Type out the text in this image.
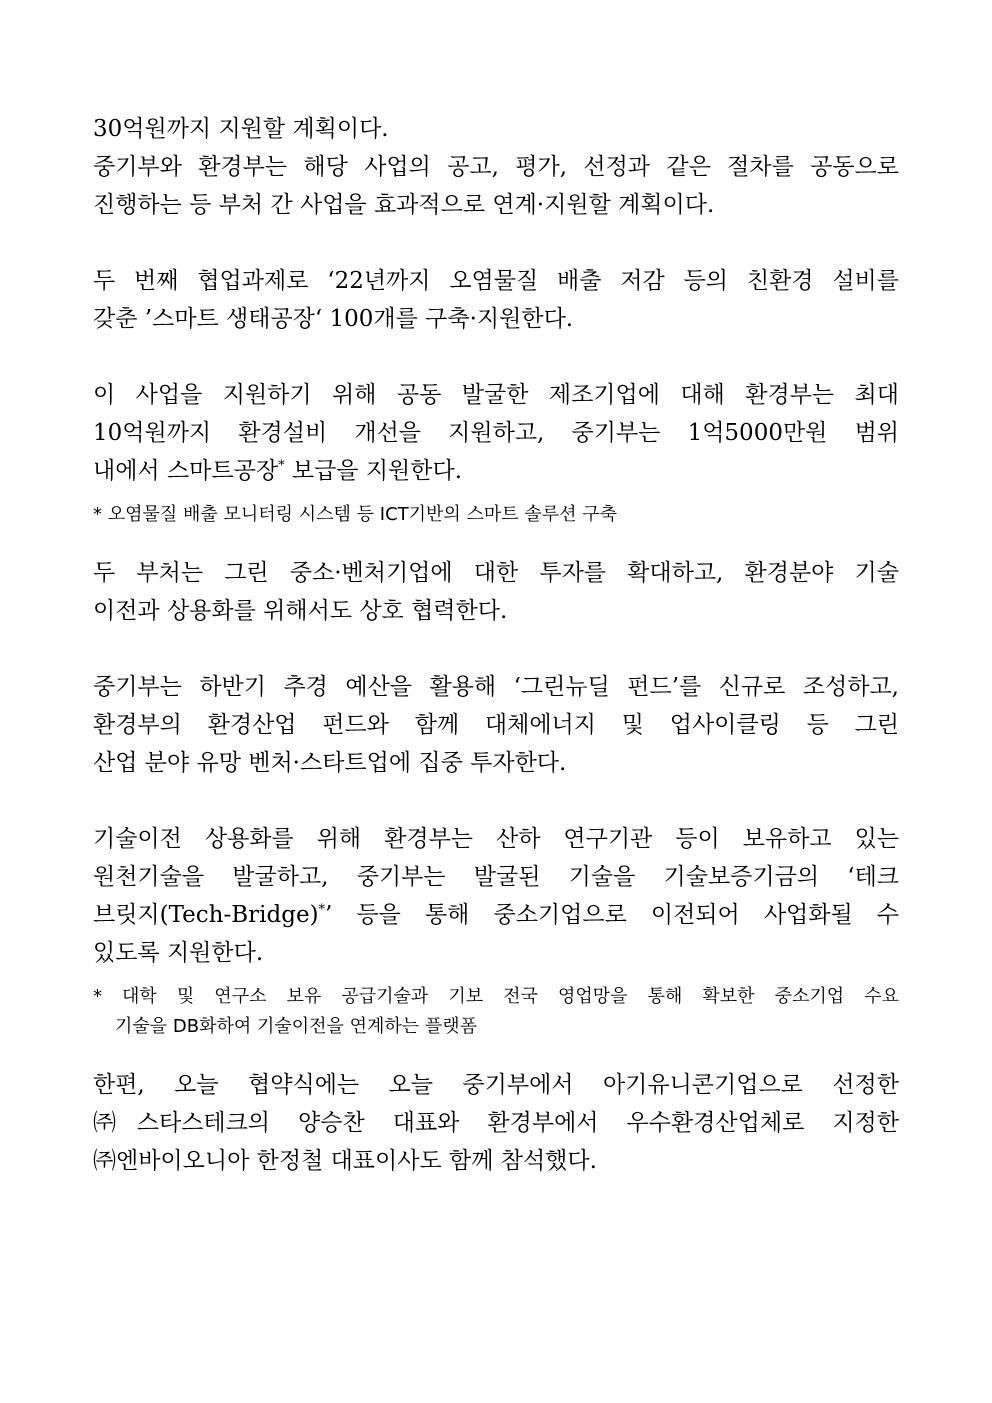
30억원까지 지원할 계획이다.

중기부와 환경부는 해당 사업의 공고, 평가, 선정과 같은 절차를 공동으로
진행하는 등 부처 간 사업을 효과적으로 연계·지원할 계획이다.

두 번째 협업과제로 ‘22년까지 오염물질 배출 저감 등의 친환경 설비를
갖춘 ’스마트 생태공장‘ 100개를 구축·지원한다.

이 사업을 지원하기 위해 공동 발굴한 제조기업에 대해 환경부는 최대
10억원까지 환경설비 개선을 지원하고, 중기부는 1억5000만원 범위
내에서 스마트공장* 보급을 지원한다.

* 오염물질 배출 모니터링 시스템 등 ICT기반의 스마트 솔루션 구축

두 부처는 그린 중소·벤처기업에 대한 투자를 확대하고, 환경분야 기술
이전과 상용화를 위해서도 상호 협력한다.

중기부는 하반기 추경 예산을 활용해 ‘그린뉴딜 펀드’를 신규로 조성하고,
환경부의 환경산업 펀드와 함께 대체에너지 및 업사이클링 등 그린
산업 분야 유망 벤처·스타트업에 집중 투자한다.

기술이전 상용화를 위해 환경부는 산하 연구기관 등이 보유하고 있는
원천기술을 발굴하고, 중기부는 발굴된 기술을 기술보증기금의 ‘테크
브릿지(Tech-Bridge)*’ 등을 통해 중소기업으로 이전되어 사업화될 수
있도록 지원한다.

* 대학 및 연구소 보유 공급기술과 기보 전국 영업망을 통해 확보한 중소기업 수요
기술을 DB화하여 기술이전을 연계하는 플랫폼

한편, 오늘 협약식에는 오늘 중기부에서 아기유니콘기업으로 선정한
㈜스타스테크의 양승찬 대표와 환경부에서 우수환경산업체로 지정한
㈜엔바이오니아 한정철 대표이사도 함께 참석했다.
